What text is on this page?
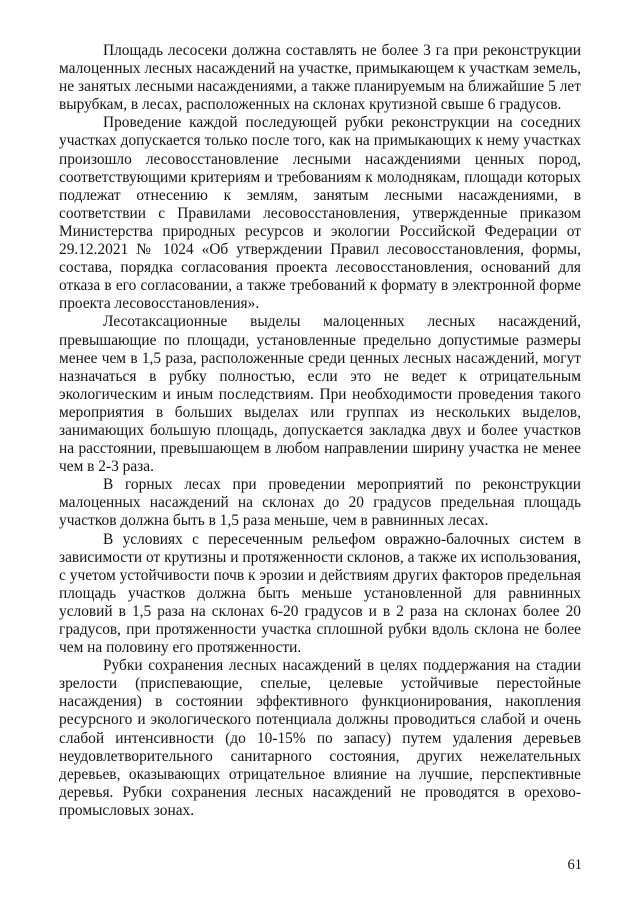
Площадь лесосеки должна составлять не более 3 га при реконструкции малоценных лесных насаждений на участке, примыкающем к участкам земель, не занятых лесными насаждениями, а также планируемым на ближайшие 5 лет вырубкам, в лесах, расположенных на склонах крутизной свыше 6 градусов.

Проведение каждой последующей рубки реконструкции на соседних участках допускается только после того, как на примыкающих к нему участках произошло лесовосстановление лесными насаждениями ценных пород, соответствующими критериям и требованиям к молоднякам, площади которых подлежат отнесению к землям, занятым лесными насаждениями, в соответствии с Правилами лесовосстановления, утвержденные приказом Министерства природных ресурсов и экологии Российской Федерации от 29.12.2021 № 1024 «Об утверждении Правил лесовосстановления, формы, состава, порядка согласования проекта лесовосстановления, оснований для отказа в его согласовании, а также требований к формату в электронной форме проекта лесовосстановления».

Лесотаксационные выделы малоценных лесных насаждений, превышающие по площади, установленные предельно допустимые размеры менее чем в 1,5 раза, расположенные среди ценных лесных насаждений, могут назначаться в рубку полностью, если это не ведет к отрицательным экологическим и иным последствиям. При необходимости проведения такого мероприятия в больших выделах или группах из нескольких выделов, занимающих большую площадь, допускается закладка двух и более участков на расстоянии, превышающем в любом направлении ширину участка не менее чем в 2-3 раза.

В горных лесах при проведении мероприятий по реконструкции малоценных насаждений на склонах до 20 градусов предельная площадь участков должна быть в 1,5 раза меньше, чем в равнинных лесах.

В условиях с пересеченным рельефом овражно-балочных систем в зависимости от крутизны и протяженности склонов, а также их использования, с учетом устойчивости почв к эрозии и действиям других факторов предельная площадь участков должна быть меньше установленной для равнинных условий в 1,5 раза на склонах 6-20 градусов и в 2 раза на склонах более 20 градусов, при протяженности участка сплошной рубки вдоль склона не более чем на половину его протяженности.

Рубки сохранения лесных насаждений в целях поддержания на стадии зрелости (приспевающие, спелые, целевые устойчивые перестойные насаждения) в состоянии эффективного функционирования, накопления ресурсного и экологического потенциала должны проводиться слабой и очень слабой интенсивности (до 10-15% по запасу) путем удаления деревьев неудовлетворительного санитарного состояния, других нежелательных деревьев, оказывающих отрицательное влияние на лучшие, перспективные деревья. Рубки сохранения лесных насаждений не проводятся в орехово-промысловых зонах.

61
